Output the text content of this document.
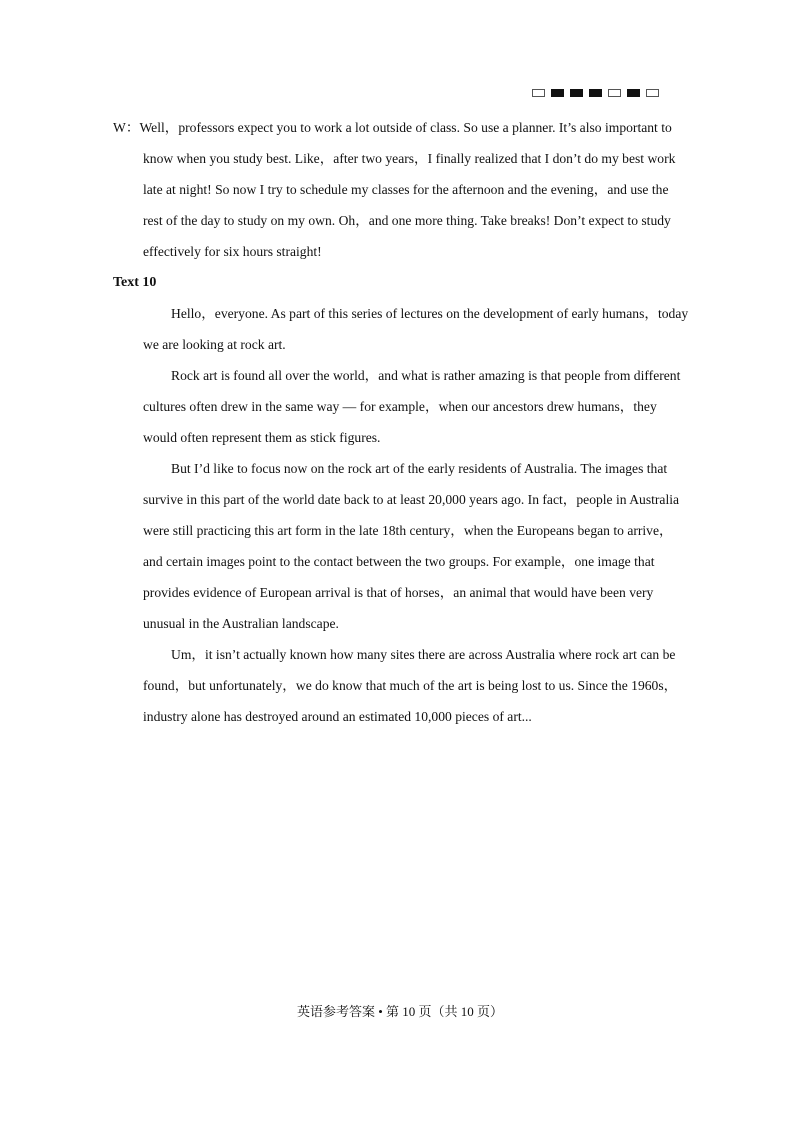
W：Well，professors expect you to work a lot outside of class. So use a planner. It’s also important to know when you study best. Like，after two years，I finally realized that I don’t do my best work late at night! So now I try to schedule my classes for the afternoon and the evening，and use the rest of the day to study on my own. Oh，and one more thing. Take breaks! Don’t expect to study effectively for six hours straight!

Text 10

Hello，everyone. As part of this series of lectures on the development of early humans，today we are looking at rock art.

Rock art is found all over the world，and what is rather amazing is that people from different cultures often drew in the same way — for example，when our ancestors drew humans，they would often represent them as stick figures.

But I’d like to focus now on the rock art of the early residents of Australia. The images that survive in this part of the world date back to at least 20,000 years ago. In fact，people in Australia were still practicing this art form in the late 18th century，when the Europeans began to arrive，and certain images point to the contact between the two groups. For example，one image that provides evidence of European arrival is that of horses，an animal that would have been very unusual in the Australian landscape.

Um，it isn’t actually known how many sites there are across Australia where rock art can be found，but unfortunately，we do know that much of the art is being lost to us. Since the 1960s，industry alone has destroyed around an estimated 10,000 pieces of art...

英语参考答案 • 第 10 页（共 10 页）
